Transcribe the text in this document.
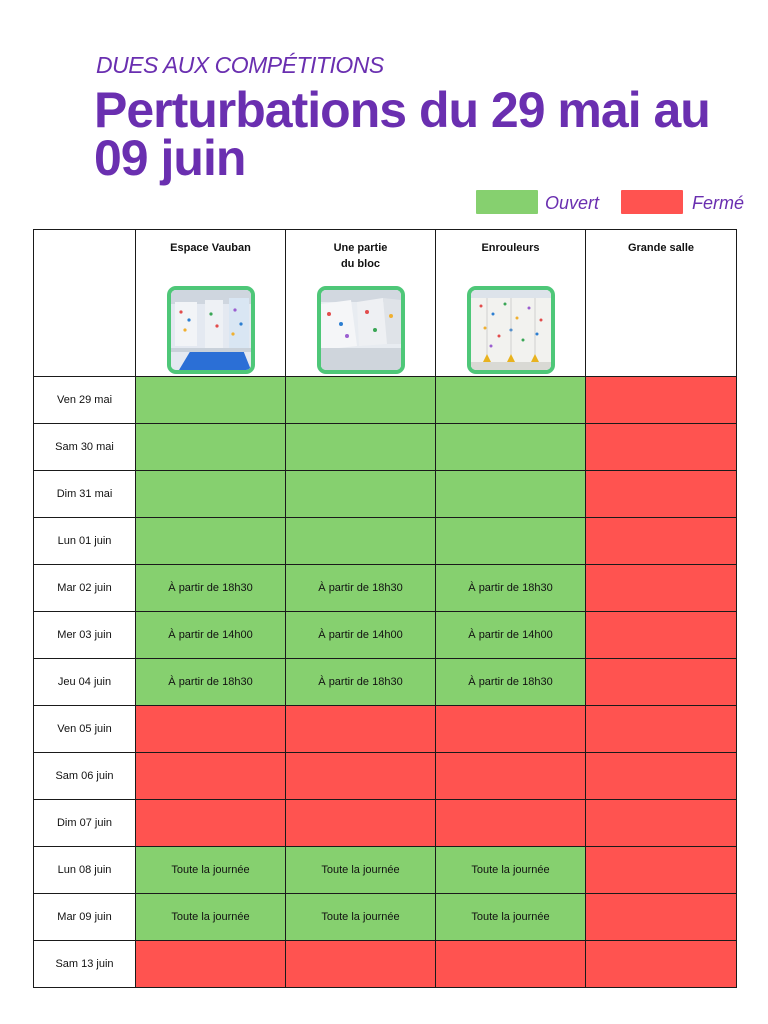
DUES AUX COMPÉTITIONS
Perturbations du 29 mai au 09 juin
Ouvert	Fermé

	Espace Vauban	Une partie
du bloc	Enrouleurs	Grande salle

Ven 29 mai				
Sam 30 mai				
Dim 31 mai				
Lun 01 juin				
Mar 02 juin	À partir de 18h30	À partir de 18h30	À partir de 18h30	
Mer 03 juin	À partir de 14h00	À partir de 14h00	À partir de 14h00	
Jeu 04 juin	À partir de 18h30	À partir de 18h30	À partir de 18h30	
Ven 05 juin				
Sam 06 juin				
Dim 07 juin				
Lun 08 juin	Toute la journée	Toute la journée	Toute la journée	
Mar 09 juin	Toute la journée	Toute la journée	Toute la journée	
Sam 13 juin				
